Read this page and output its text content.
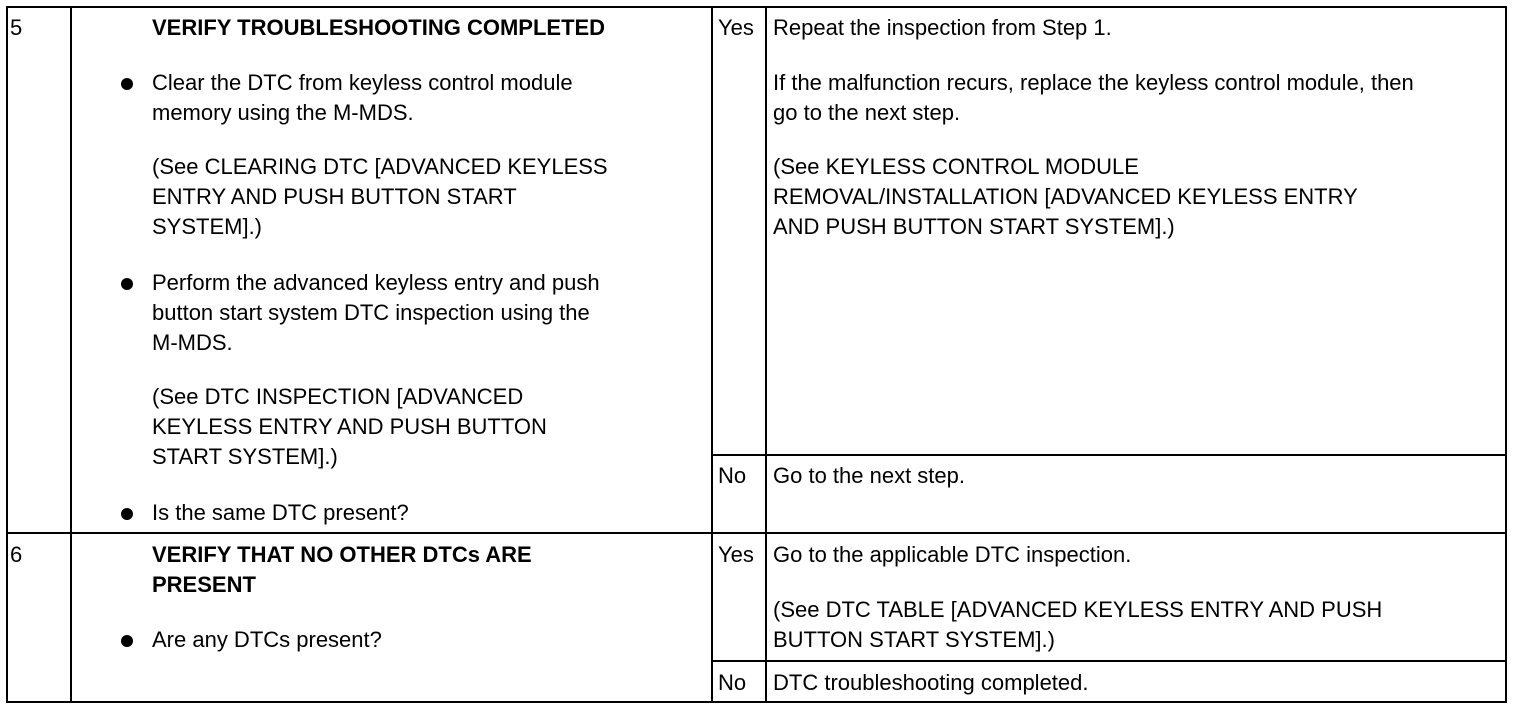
5	VERIFY TROUBLESHOOTING COMPLETED
Clear the DTC from keyless control module
memory using the M-MDS.
(See CLEARING DTC [ADVANCED KEYLESS
ENTRY AND PUSH BUTTON START
SYSTEM].)
Perform the advanced keyless entry and push
button start system DTC inspection using the
M-MDS.
(See DTC INSPECTION [ADVANCED
KEYLESS ENTRY AND PUSH BUTTON
START SYSTEM].)
Is the same DTC present?
Yes Repeat the inspection from Step 1.
If the malfunction recurs, replace the keyless control module, then
go to the next step.
(See KEYLESS CONTROL MODULE
REMOVAL/INSTALLATION [ADVANCED KEYLESS ENTRY
AND PUSH BUTTON START SYSTEM].)
No Go to the next step.
6	VERIFY THAT NO OTHER DTCs ARE
PRESENT
Are any DTCs present?
Yes Go to the applicable DTC inspection.
(See DTC TABLE [ADVANCED KEYLESS ENTRY AND PUSH
BUTTON START SYSTEM].)
No DTC troubleshooting completed.
